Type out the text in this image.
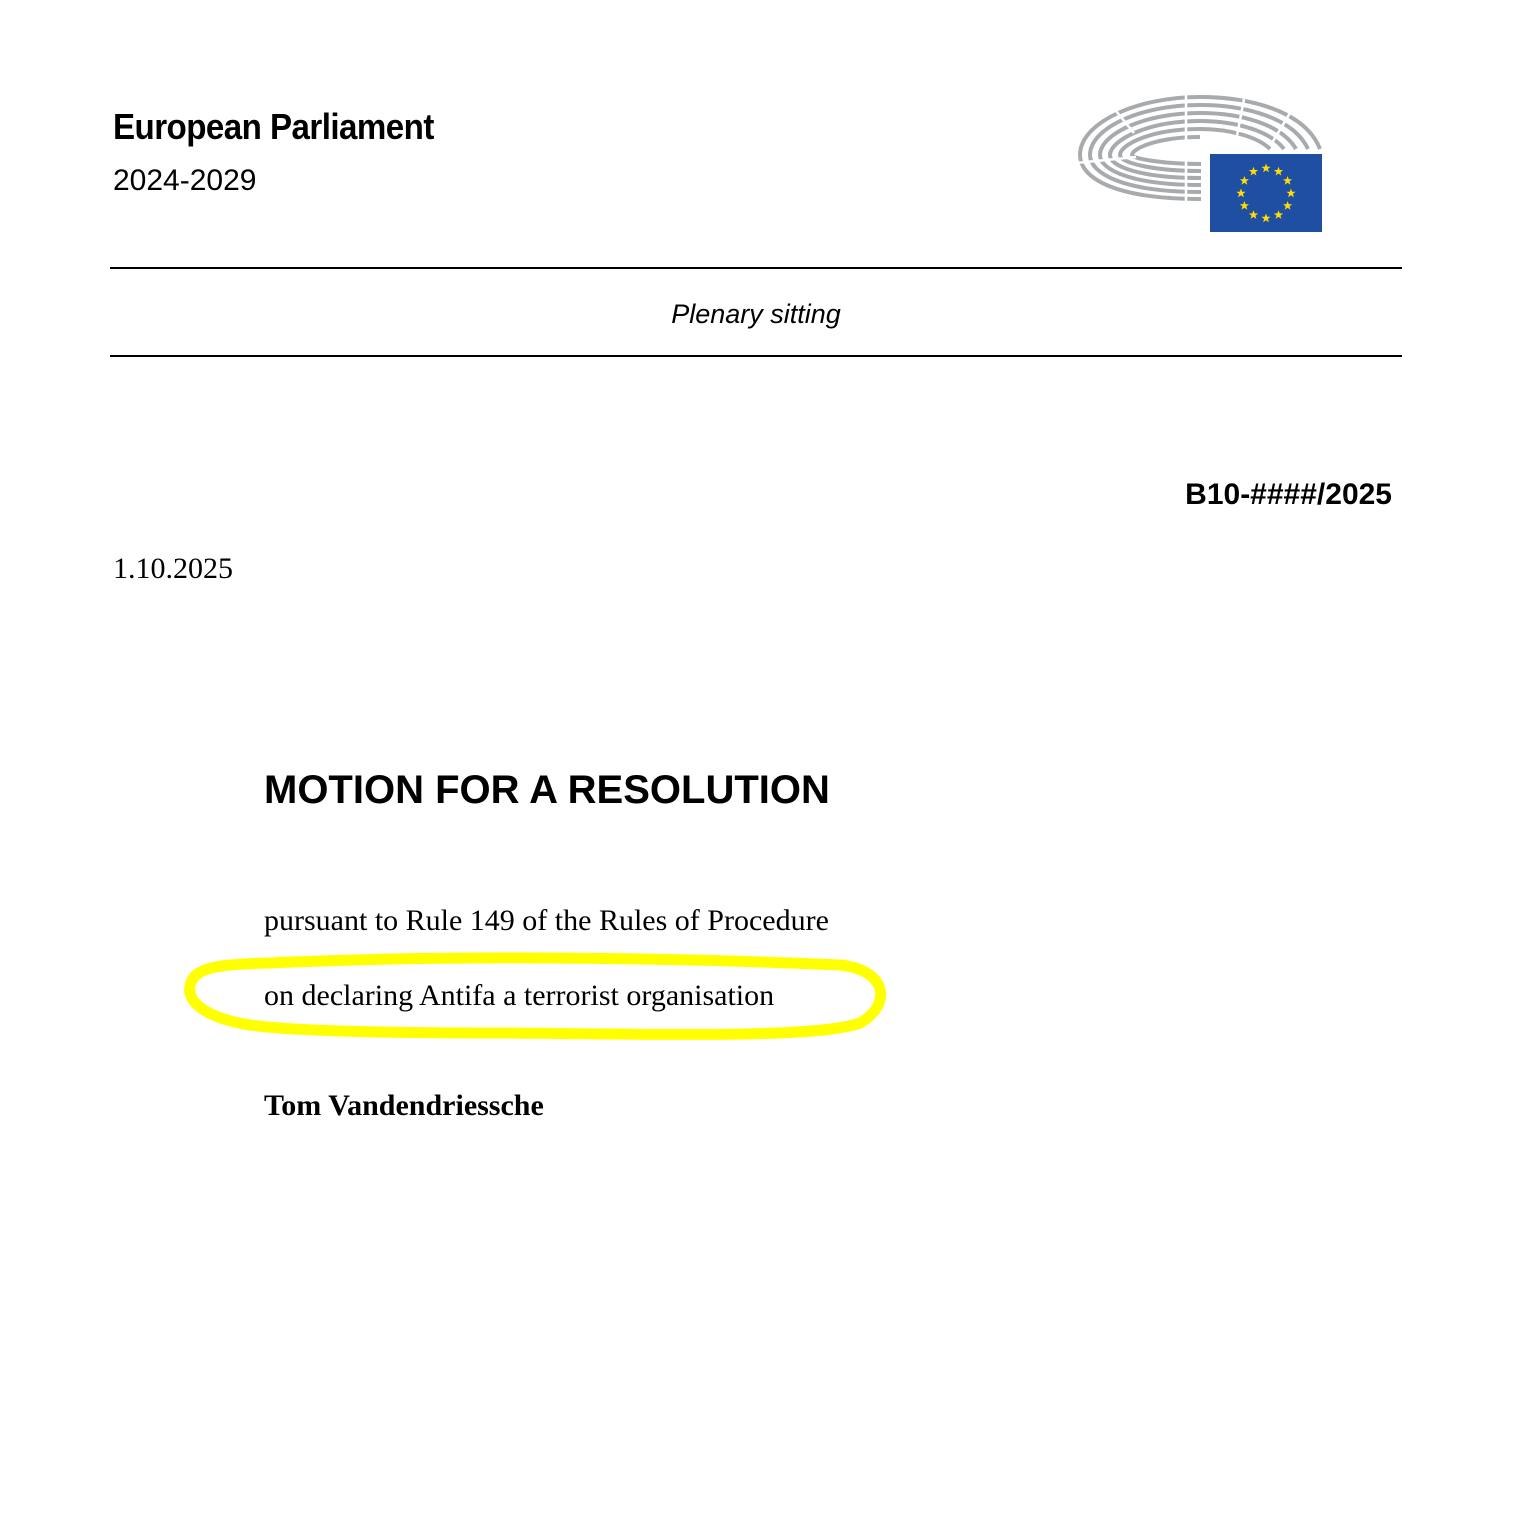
European Parliament
2024-2029
Plenary sitting
B10-####/2025
1.10.2025
MOTION FOR A RESOLUTION
pursuant to Rule 149 of the Rules of Procedure
on declaring Antifa a terrorist organisation
Tom Vandendriessche
